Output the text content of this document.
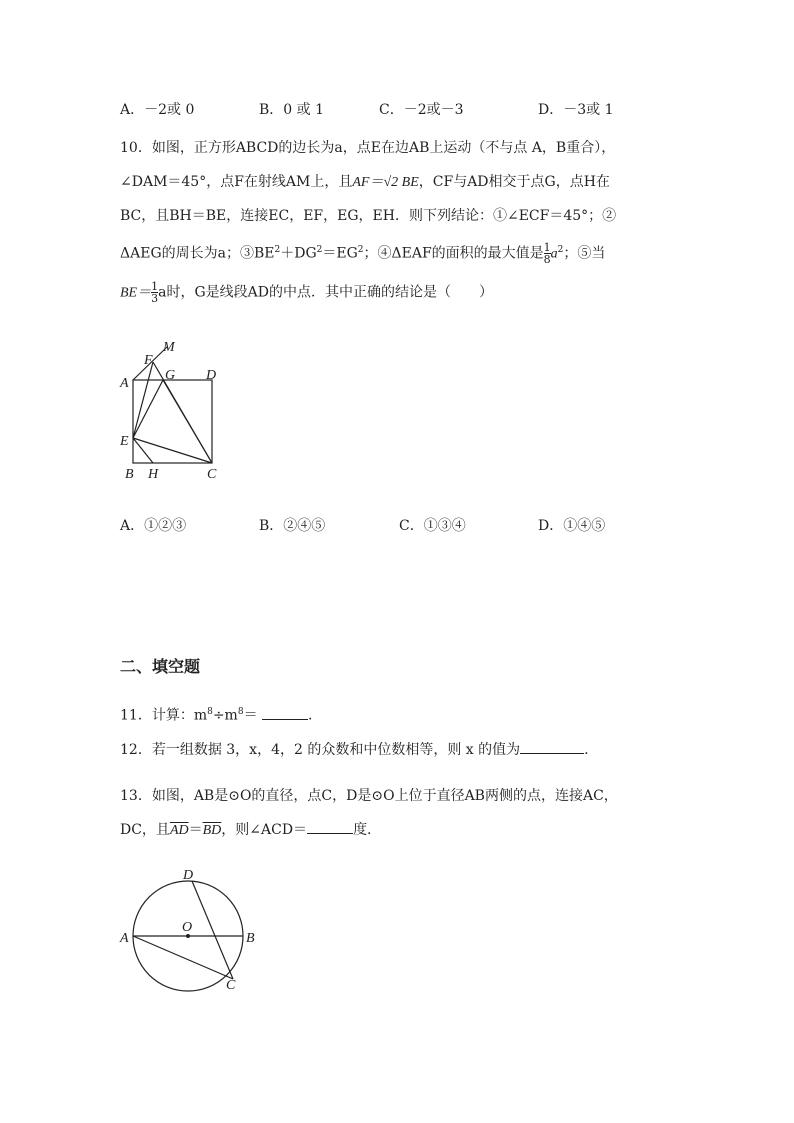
A．－2或 0	B．0 或 1	C．－2或－3	D．－3或 1
10．如图，正方形ABCD的边长为a，点E在边AB上运动（不与点 A，B重合），
∠DAM＝45°，点F在射线AM上，且AF＝√2 BE，CF与AD相交于点G，点H在
BC，且BH＝BE，连接EC，EF，EG，EH．则下列结论：①∠ECF＝45°；②
ΔAEG的周长为a；$③BE^2+DG^2=EG^2$；④ΔEAF的面积的最大值是 $\frac{1}{8} a^2$；⑤当
$BE= \frac{1}{3}$ a时，G是线段AD的中点．其中正确的结论是（　　）
M
F
A
G D
E
B H	C
A．①②③	B．②④⑤	C．①③④	D．①④⑤
二、填空题
11．计算：$m^8\div m^8=$	.
12．若一组数据 3，x，4，2 的众数和中位数相等，则 x 的值为	.
13．如图，AB是⊙O的直径，点C，D是⊙O上位于直径AB两侧的点，连接AC，
DC，且$\overline{AD}=\overline{BD}$，则∠ACD＝	度.
D
O
A	B
C
